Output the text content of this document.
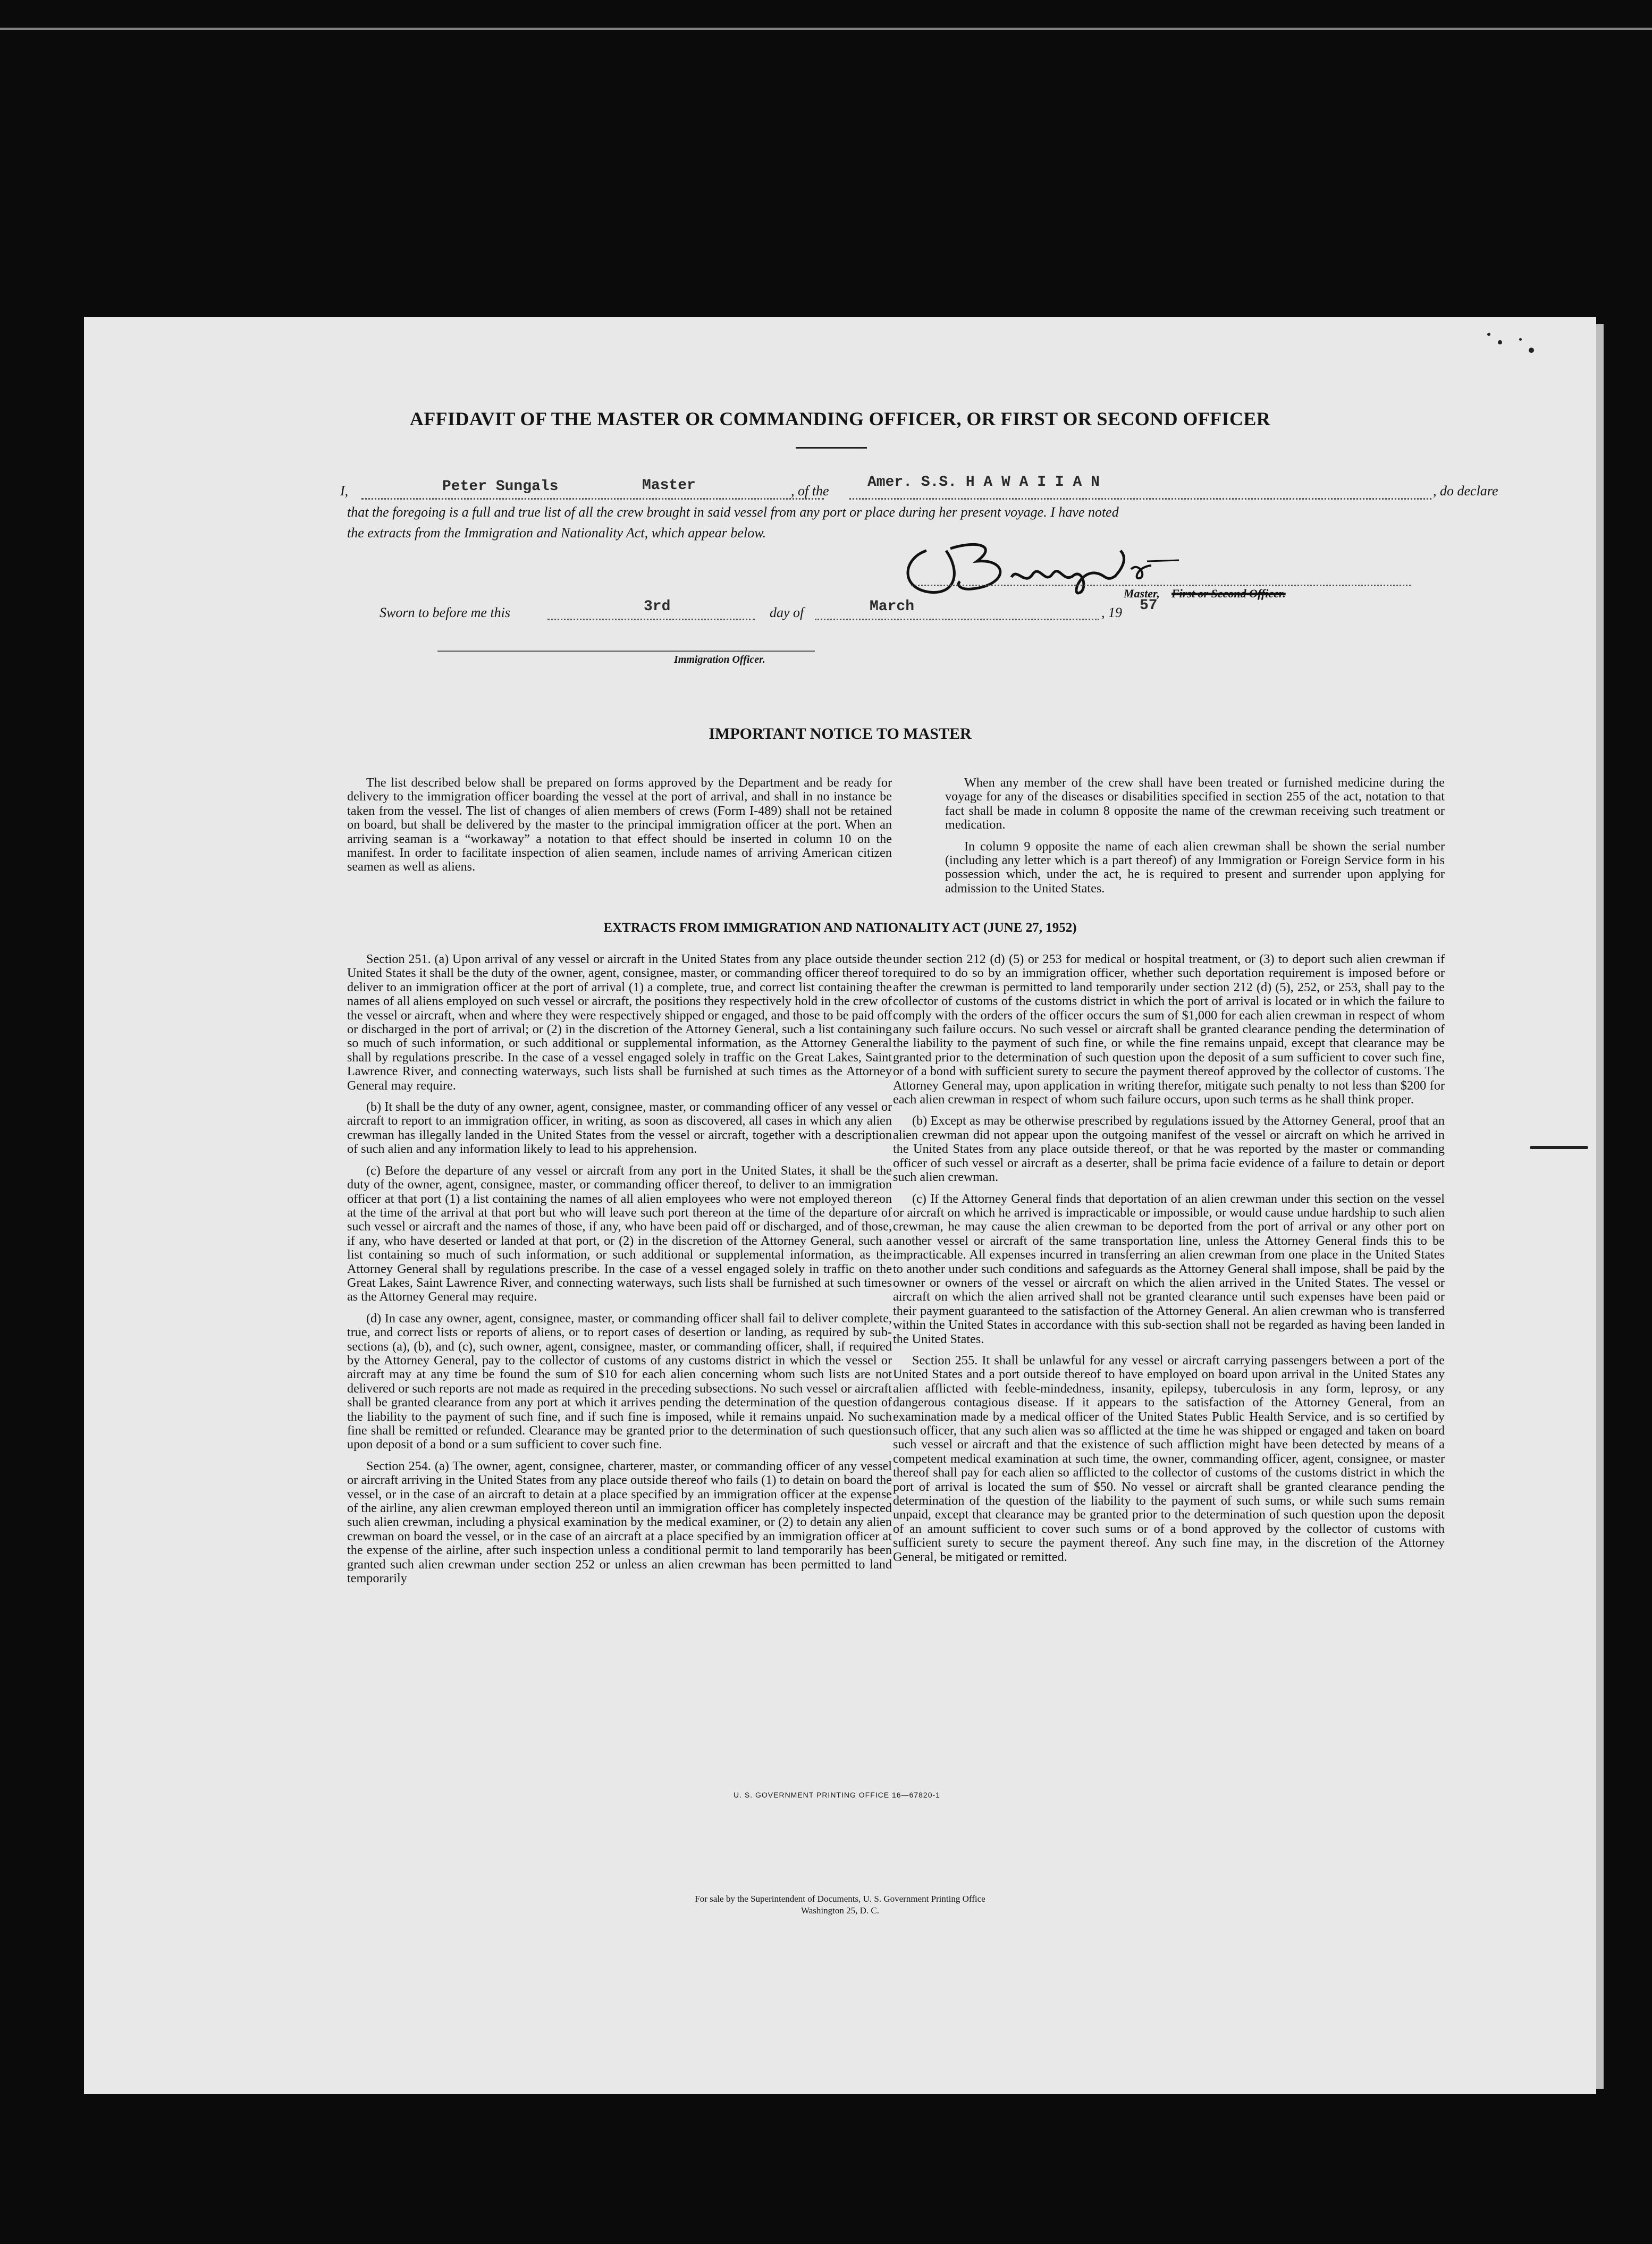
AFFIDAVIT OF THE MASTER OR COMMANDING OFFICER, OR FIRST OR SECOND OFFICER
I,	Peter Sungals	Master	, of the
Amer. S.S. H A W A I I A N
, do declare
that the foregoing is a full and true list of all the crew brought in said vessel from any port or place during her present voyage. I have noted
the extracts from the Immigration and Nationality Act, which appear below.
Master, First or Second Officer.
Sworn to before me this	3rd	day of	March	, 19 57
Immigration Officer.
IMPORTANT NOTICE TO MASTER

The list described below shall be prepared on forms approved by the Department and be ready for delivery to the immigration officer boarding the vessel at the port of arrival, and shall in no instance be taken from the vessel. The list of changes of alien members of crews (Form I-489) shall not be retained on board, but shall be delivered by the master to the principal immigration officer at the port. When an arriving seaman is a “workaway” a notation to that effect should be inserted in column 10 on the manifest. In order to facilitate inspection of alien seamen, include names of arriving American citizen seamen as well as aliens.

When any member of the crew shall have been treated or furnished medicine during the voyage for any of the diseases or disabilities specified in section 255 of the act, notation to that fact shall be made in column 8 opposite the name of the crewman receiving such treatment or medication.

In column 9 opposite the name of each alien crewman shall be shown the serial number (including any letter which is a part thereof) of any Immigration or Foreign Service form in his possession which, under the act, he is required to present and surrender upon applying for admission to the United States.

EXTRACTS FROM IMMIGRATION AND NATIONALITY ACT (JUNE 27, 1952)

Section 251. (a) Upon arrival of any vessel or aircraft in the United States from any place outside the United States it shall be the duty of the owner, agent, consignee, master, or commanding officer thereof to deliver to an immigration officer at the port of arrival (1) a complete, true, and correct list containing the names of all aliens employed on such vessel or aircraft, the positions they respectively hold in the crew of the vessel or aircraft, when and where they were respectively shipped or engaged, and those to be paid off or discharged in the port of arrival; or (2) in the discretion of the Attorney General, such a list containing so much of such information, or such additional or supplemental information, as the Attorney General shall by regulations prescribe. In the case of a vessel engaged solely in traffic on the Great Lakes, Saint Lawrence River, and connecting waterways, such lists shall be furnished at such times as the Attorney General may require.

(b) It shall be the duty of any owner, agent, consignee, master, or commanding officer of any vessel or aircraft to report to an immigration officer, in writing, as soon as discovered, all cases in which any alien crewman has illegally landed in the United States from the vessel or aircraft, together with a description of such alien and any information likely to lead to his apprehension.

(c) Before the departure of any vessel or aircraft from any port in the United States, it shall be the duty of the owner, agent, consignee, master, or commanding officer thereof, to deliver to an immigration officer at that port (1) a list containing the names of all alien employees who were not employed thereon at the time of the arrival at that port but who will leave such port thereon at the time of the departure of such vessel or aircraft and the names of those, if any, who have been paid off or discharged, and of those, if any, who have deserted or landed at that port, or (2) in the discretion of the Attorney General, such a list containing so much of such information, or such additional or supplemental information, as the Attorney General shall by regulations prescribe. In the case of a vessel engaged solely in traffic on the Great Lakes, Saint Lawrence River, and connecting waterways, such lists shall be furnished at such times as the Attorney General may require.

(d) In case any owner, agent, consignee, master, or commanding officer shall fail to deliver complete, true, and correct lists or reports of aliens, or to report cases of desertion or landing, as required by sub-sections (a), (b), and (c), such owner, agent, consignee, master, or commanding officer, shall, if required by the Attorney General, pay to the collector of customs of any customs district in which the vessel or aircraft may at any time be found the sum of $10 for each alien concerning whom such lists are not delivered or such reports are not made as required in the preceding subsections. No such vessel or aircraft shall be granted clearance from any port at which it arrives pending the determination of the question of the liability to the payment of such fine, and if such fine is imposed, while it remains unpaid. No such fine shall be remitted or refunded. Clearance may be granted prior to the determination of such question upon deposit of a bond or a sum sufficient to cover such fine.

Section 254. (a) The owner, agent, consignee, charterer, master, or commanding officer of any vessel or aircraft arriving in the United States from any place outside thereof who fails (1) to detain on board the vessel, or in the case of an aircraft to detain at a place specified by an immigration officer at the expense of the airline, any alien crewman employed thereon until an immigration officer has completely inspected such alien crewman, including a physical examination by the medical examiner, or (2) to detain any alien crewman on board the vessel, or in the case of an aircraft at a place specified by an immigration officer at the expense of the airline, after such inspection unless a conditional permit to land temporarily has been granted such alien crewman under section 252 or unless an alien crewman has been permitted to land temporarily

under section 212 (d) (5) or 253 for medical or hospital treatment, or (3) to deport such alien crewman if required to do so by an immigration officer, whether such deportation requirement is imposed before or after the crewman is permitted to land temporarily under section 212 (d) (5), 252, or 253, shall pay to the collector of customs of the customs district in which the port of arrival is located or in which the failure to comply with the orders of the officer occurs the sum of $1,000 for each alien crewman in respect of whom any such failure occurs. No such vessel or aircraft shall be granted clearance pending the determination of the liability to the payment of such fine, or while the fine remains unpaid, except that clearance may be granted prior to the determination of such question upon the deposit of a sum sufficient to cover such fine, or of a bond with sufficient surety to secure the payment thereof approved by the collector of customs. The Attorney General may, upon application in writing therefor, mitigate such penalty to not less than $200 for each alien crewman in respect of whom such failure occurs, upon such terms as he shall think proper.

(b) Except as may be otherwise prescribed by regulations issued by the Attorney General, proof that an alien crewman did not appear upon the outgoing manifest of the vessel or aircraft on which he arrived in the United States from any place outside thereof, or that he was reported by the master or commanding officer of such vessel or aircraft as a deserter, shall be prima facie evidence of a failure to detain or deport such alien crewman.

(c) If the Attorney General finds that deportation of an alien crewman under this section on the vessel or aircraft on which he arrived is impracticable or impossible, or would cause undue hardship to such alien crewman, he may cause the alien crewman to be deported from the port of arrival or any other port on another vessel or aircraft of the same transportation line, unless the Attorney General finds this to be impracticable. All expenses incurred in transferring an alien crewman from one place in the United States to another under such conditions and safeguards as the Attorney General shall impose, shall be paid by the owner or owners of the vessel or aircraft on which the alien arrived in the United States. The vessel or aircraft on which the alien arrived shall not be granted clearance until such expenses have been paid or their payment guaranteed to the satisfaction of the Attorney General. An alien crewman who is transferred within the United States in accordance with this sub-section shall not be regarded as having been landed in the United States.

Section 255. It shall be unlawful for any vessel or aircraft carrying passengers between a port of the United States and a port outside thereof to have employed on board upon arrival in the United States any alien afflicted with feeble-mindedness, insanity, epilepsy, tuberculosis in any form, leprosy, or any dangerous contagious disease. If it appears to the satisfaction of the Attorney General, from an examination made by a medical officer of the United States Public Health Service, and is so certified by such officer, that any such alien was so afflicted at the time he was shipped or engaged and taken on board such vessel or aircraft and that the existence of such affliction might have been detected by means of a competent medical examination at such time, the owner, commanding officer, agent, consignee, or master thereof shall pay for each alien so afflicted to the collector of customs of the customs district in which the port of arrival is located the sum of $50. No vessel or aircraft shall be granted clearance pending the determination of the question of the liability to the payment of such sums, or while such sums remain unpaid, except that clearance may be granted prior to the determination of such question upon the deposit of an amount sufficient to cover such sums or of a bond approved by the collector of customs with sufficient surety to secure the payment thereof. Any such fine may, in the discretion of the Attorney General, be mitigated or remitted.

U. S. GOVERNMENT PRINTING OFFICE 16—67820-1
For sale by the Superintendent of Documents, U. S. Government Printing Office
Washington 25, D. C.
